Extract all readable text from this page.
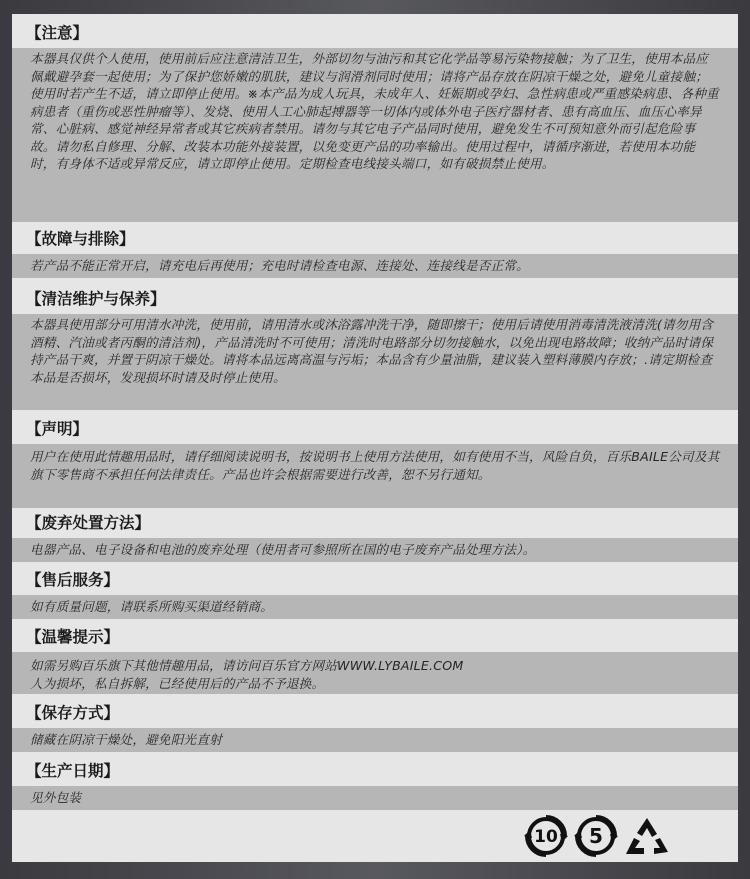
【注意】
本器具仅供个人使用，使用前后应注意清洁卫生，外部切勿与油污和其它化学品等易污染物接触；为了卫生，使用本品应佩戴避孕套一起使用；为了保护您娇嫩的肌肤，建议与润滑剂同时使用；请将产品存放在阴凉干燥之处，避免儿童接触；使用时若产生不适，请立即停止使用。※本产品为成人玩具，未成年人、妊娠期或孕妇、急性病患或严重感染病患、各种重病患者（重伤或恶性肿瘤等）、发烧、使用人工心肺起搏器等一切体内或体外电子医疗器材者、患有高血压、血压心率异常、心脏病、感觉神经异常者或其它疾病者禁用。请勿与其它电子产品同时使用，避免发生不可预知意外而引起危险事故。请勿私自修理、分解、改装本功能外接装置，以免变更产品的功率输出。使用过程中，请循序渐进，若使用本功能时，有身体不适或异常反应，请立即停止使用。定期检查电线接头端口，如有破损禁止使用。
【故障与排除】
若产品不能正常开启，请充电后再使用；充电时请检查电源、连接处、连接线是否正常。
【清洁维护与保养】
本器具使用部分可用清水冲洗，使用前，请用清水或沐浴露冲洗干净，随即擦干；使用后请使用消毒清洗液清洗(请勿用含酒精、汽油或者丙酮的清洁剂)，产品清洗时不可使用；清洗时电路部分切勿接触水，以免出现电路故障；收纳产品时请保持产品干爽，并置于阴凉干燥处。请将本品远离高温与污垢；本品含有少量油脂，建议装入塑料薄膜内存放；.请定期检查本品是否损坏，发现损坏时请及时停止使用。
【声明】
用户在使用此情趣用品时，请仔细阅读说明书，按说明书上使用方法使用，如有使用不当，风险自负，百乐BAILE公司及其旗下零售商不承担任何法律责任。产品也许会根据需要进行改善，恕不另行通知。
【废弃处置方法】
电器产品、电子设备和电池的废弃处理（使用者可参照所在国的电子废弃产品处理方法）。
【售后服务】
如有质量问题，请联系所购买渠道经销商。
【温馨提示】
如需另购百乐旗下其他情趣用品，请访问百乐官方网站WWW.LYBAILE.COM
人为损坏，私自拆解，已经使用后的产品不予退换。
【保存方式】
储藏在阴凉干燥处，避免阳光直射
【生产日期】
见外包装
10 5
